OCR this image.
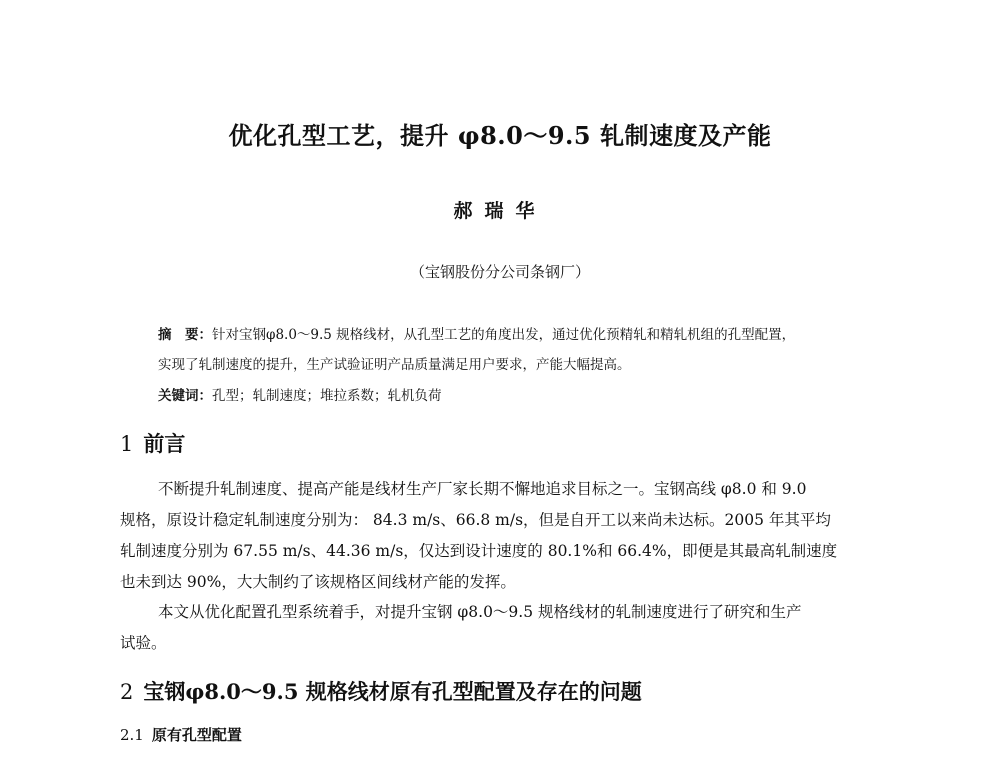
优化孔型工艺，提升 φ8.0～9.5 轧制速度及产能
郝瑞华
（宝钢股份分公司条钢厂）
摘　要：针对宝钢φ8.0～9.5 规格线材，从孔型工艺的角度出发，通过优化预精轧和精轧机组的孔型配置，
实现了轧制速度的提升，生产试验证明产品质量满足用户要求，产能大幅提高。
关键词：孔型；轧制速度；堆拉系数；轧机负荷
1 前言
不断提升轧制速度、提高产能是线材生产厂家长期不懈地追求目标之一。宝钢高线 φ8.0 和 9.0
规格，原设计稳定轧制速度分别为： 84.3 m/s、66.8 m/s，但是自开工以来尚未达标。2005 年其平均
轧制速度分别为 67.55 m/s、44.36 m/s，仅达到设计速度的 80.1%和 66.4%，即便是其最高轧制速度
也未到达 90%，大大制约了该规格区间线材产能的发挥。
本文从优化配置孔型系统着手，对提升宝钢 φ8.0～9.5 规格线材的轧制速度进行了研究和生产
试验。
2 宝钢φ8.0～9.5 规格线材原有孔型配置及存在的问题
2.1 原有孔型配置
